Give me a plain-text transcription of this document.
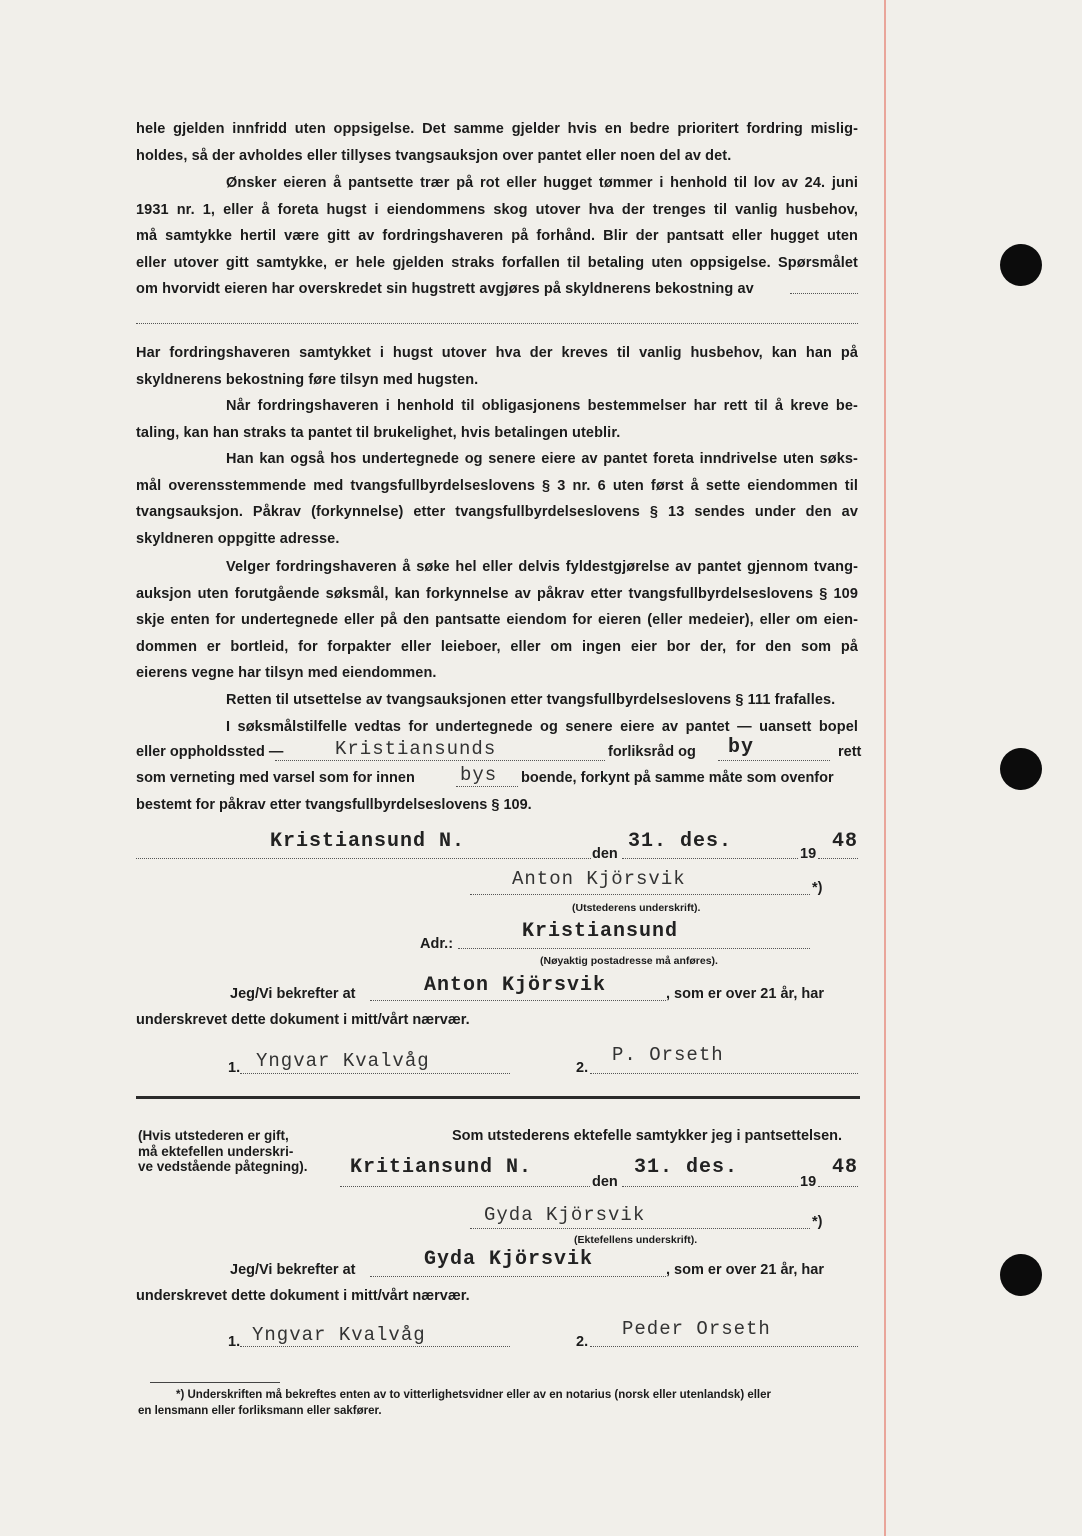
hele gjelden innfridd uten oppsigelse. Det samme gjelder hvis en bedre prioritert fordring mislig-
holdes, så der avholdes eller tillyses tvangsauksjon over pantet eller noen del av det.
Ønsker eieren å pantsette trær på rot eller hugget tømmer i henhold til lov av 24. juni
1931 nr. 1, eller å foreta hugst i eiendommens skog utover hva der trenges til vanlig husbehov,
må samtykke hertil være gitt av fordringshaveren på forhånd. Blir der pantsatt eller hugget uten
eller utover gitt samtykke, er hele gjelden straks forfallen til betaling uten oppsigelse. Spørsmålet
om hvorvidt eieren har overskredet sin hugstrett avgjøres på skyldnerens bekostning av
Har fordringshaveren samtykket i hugst utover hva der kreves til vanlig husbehov, kan han på
skyldnerens bekostning føre tilsyn med hugsten.
Når fordringshaveren i henhold til obligasjonens bestemmelser har rett til å kreve be-
taling, kan han straks ta pantet til brukelighet, hvis betalingen uteblir.
Han kan også hos undertegnede og senere eiere av pantet foreta inndrivelse uten søks-
mål overensstemmende med tvangsfullbyrdelseslovens § 3 nr. 6 uten først å sette eiendommen til
tvangsauksjon. Påkrav (forkynnelse) etter tvangsfullbyrdelseslovens § 13 sendes under den av
skyldneren oppgitte adresse.
Velger fordringshaveren å søke hel eller delvis fyldestgjørelse av pantet gjennom tvang-
auksjon uten forutgående søksmål, kan forkynnelse av påkrav etter tvangsfullbyrdelseslovens § 109
skje enten for undertegnede eller på den pantsatte eiendom for eieren (eller medeier), eller om eien-
dommen er bortleid, for forpakter eller leieboer, eller om ingen eier bor der, for den som på
eierens vegne har tilsyn med eiendommen.
Retten til utsettelse av tvangsauksjonen etter tvangsfullbyrdelseslovens § 111 frafalles.
I søksmålstilfelle vedtas for undertegnede og senere eiere av pantet — uansett bopel
eller oppholdssted —	Kristiansunds	forliksråd og by	rett
som verneting med varsel som for innen bys boende, forkynt på samme måte som ovenfor
bestemt for påkrav etter tvangsfullbyrdelseslovens § 109.
Kristiansund N.
den
31. des.
19
48
Anton Kjörsvik	*)
(Utstederens underskrift).
Adr.:
Kristiansund
(Nøyaktig postadresse må anføres).
Jeg/Vi bekrefter at	Anton Kjörsvik	, som er over 21 år, har
underskrevet dette dokument i mitt/vårt nærvær.
1. Yngvar Kvalvåg	2.
P. Orseth
(Hvis utstederen er gift,
må ektefellen underskri-
ve vedstående påtegning).
Som utstederens ektefelle samtykker jeg i pantsettelsen.
Kritiansund N.
den
31. des.
19
48
Gyda Kjörsvik	*)
(Ektefellens underskrift).
Jeg/Vi bekrefter at	Gyda Kjörsvik	, som er over 21 år, har
underskrevet dette dokument i mitt/vårt nærvær.
1. Yngvar Kvalvåg	2.
Peder Orseth
*) Underskriften må bekreftes enten av to vitterlighetsvidner eller av en notarius (norsk eller utenlandsk) eller
en lensmann eller forliksmann eller sakfører.
